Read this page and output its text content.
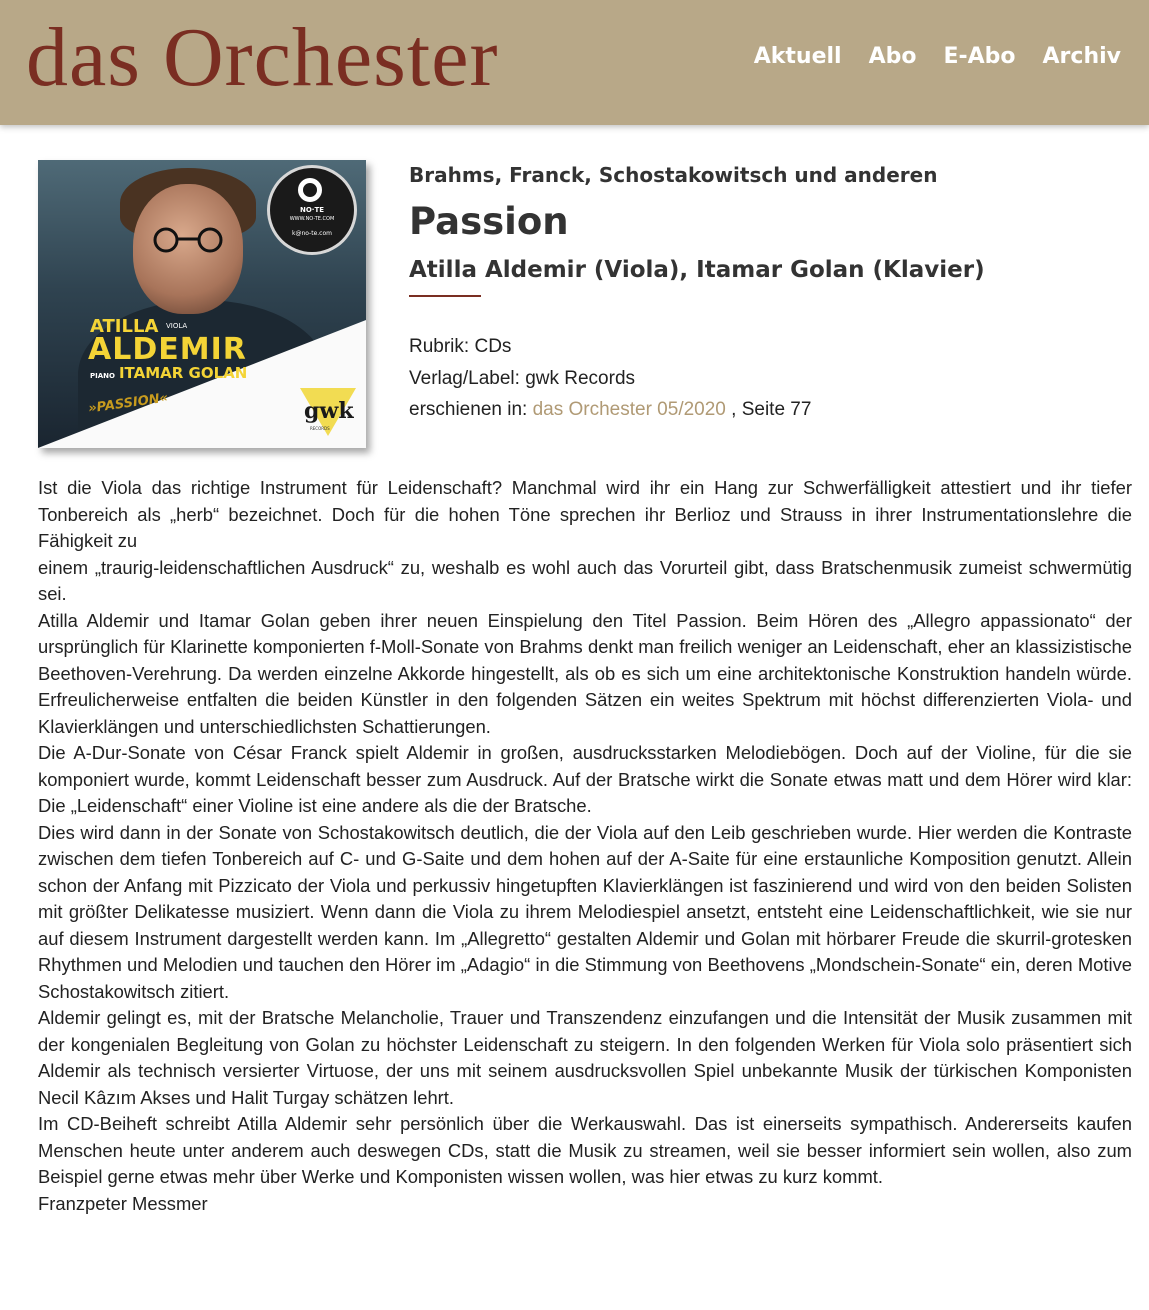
das Orchester	Aktuell Abo E-Abo Archiv
ATILLA VIOLA
ALDEMIR
PIANO ITAMAR GOLAN
»PASSION«
NO·TE
WWW.NO-TE.COM
k@no-te.com
gwk
RECORDS
Brahms, Franck, Schostakowitsch und anderen
Passion
Atilla Aldemir (Viola), Itamar Golan (Klavier)
Rubrik: CDs
Verlag/Label: gwk Records
erschienen in: das Orchester 05/2020 , Seite 77

Ist die Viola das richtige Instrument für Leidenschaft? Manchmal wird ihr ein Hang zur Schwerfälligkeit attestiert und ihr tiefer Tonbereich als „herb“ bezeichnet. Doch für die hohen Töne sprechen ihr Berlioz und Strauss in ihrer Instrumentationslehre die Fähigkeit zu

einem „traurig-leidenschaftlichen Ausdruck“ zu, weshalb es wohl auch das Vorurteil gibt, dass Bratschenmusik zumeist schwermütig sei.

Atilla Aldemir und Itamar Golan geben ihrer neuen Einspielung den Titel Passion. Beim Hören des „Allegro appassionato“ der ursprünglich für Klarinette komponierten f-Moll-Sonate von Brahms denkt man freilich weniger an Leidenschaft, eher an klassizistische Beethoven-Verehrung. Da werden einzelne Akkorde hingestellt, als ob es sich um eine architektonische Konstruktion handeln würde. Erfreulicherweise entfalten die beiden Künstler in den folgenden Sätzen ein weites Spektrum mit höchst differenzierten Viola- und Klavierklängen und unterschiedlichsten Schattierungen.

Die A-Dur-Sonate von César Franck spielt Aldemir in großen, ausdrucksstarken Melodiebögen. Doch auf der Violine, für die sie komponiert wurde, kommt Leidenschaft besser zum Ausdruck. Auf der Bratsche wirkt die Sonate etwas matt und dem Hörer wird klar: Die „Leidenschaft“ einer Violine ist eine andere als die der Bratsche.

Dies wird dann in der Sonate von Schostakowitsch deutlich, die der Viola auf den Leib geschrieben wurde. Hier werden die Kontraste zwischen dem tiefen Tonbereich auf C- und G-Saite und dem hohen auf der A-Saite für eine erstaunliche Komposition genutzt. Allein schon der Anfang mit Pizzicato der Viola und perkussiv hingetupften Klavierklängen ist faszinierend und wird von den beiden Solisten mit größter Delikatesse musiziert. Wenn dann die Viola zu ihrem Melodiespiel ansetzt, entsteht eine Leidenschaftlichkeit, wie sie nur auf diesem Instrument dargestellt werden kann. Im „Allegretto“ gestalten Aldemir und Golan mit hörbarer Freude die skurril-grotesken Rhythmen und Melodien und tauchen den Hörer im „Adagio“ in die Stimmung von Beethovens „Mondschein-Sonate“ ein, deren Motive Schostakowitsch zitiert.

Aldemir gelingt es, mit der Bratsche Melancholie, Trauer und Transzendenz einzufangen und die Intensität der Musik zusammen mit der kongenialen Begleitung von Golan zu höchster Leidenschaft zu steigern. In den folgenden Werken für Viola solo präsentiert sich Aldemir als technisch versierter Virtuose, der uns mit seinem ausdrucksvollen Spiel unbekannte Musik der türkischen Komponisten Necil Kâzım Akses und Halit Turgay schätzen lehrt.

Im CD-Beiheft schreibt Atilla Aldemir sehr persönlich über die Werkauswahl. Das ist einerseits sympathisch. Andererseits kaufen Menschen heute unter anderem auch deswegen CDs, statt die Musik zu streamen, weil sie besser informiert sein wollen, also zum Beispiel gerne etwas mehr über Werke und Komponisten wissen wollen, was hier etwas zu kurz kommt.

Franzpeter Messmer
